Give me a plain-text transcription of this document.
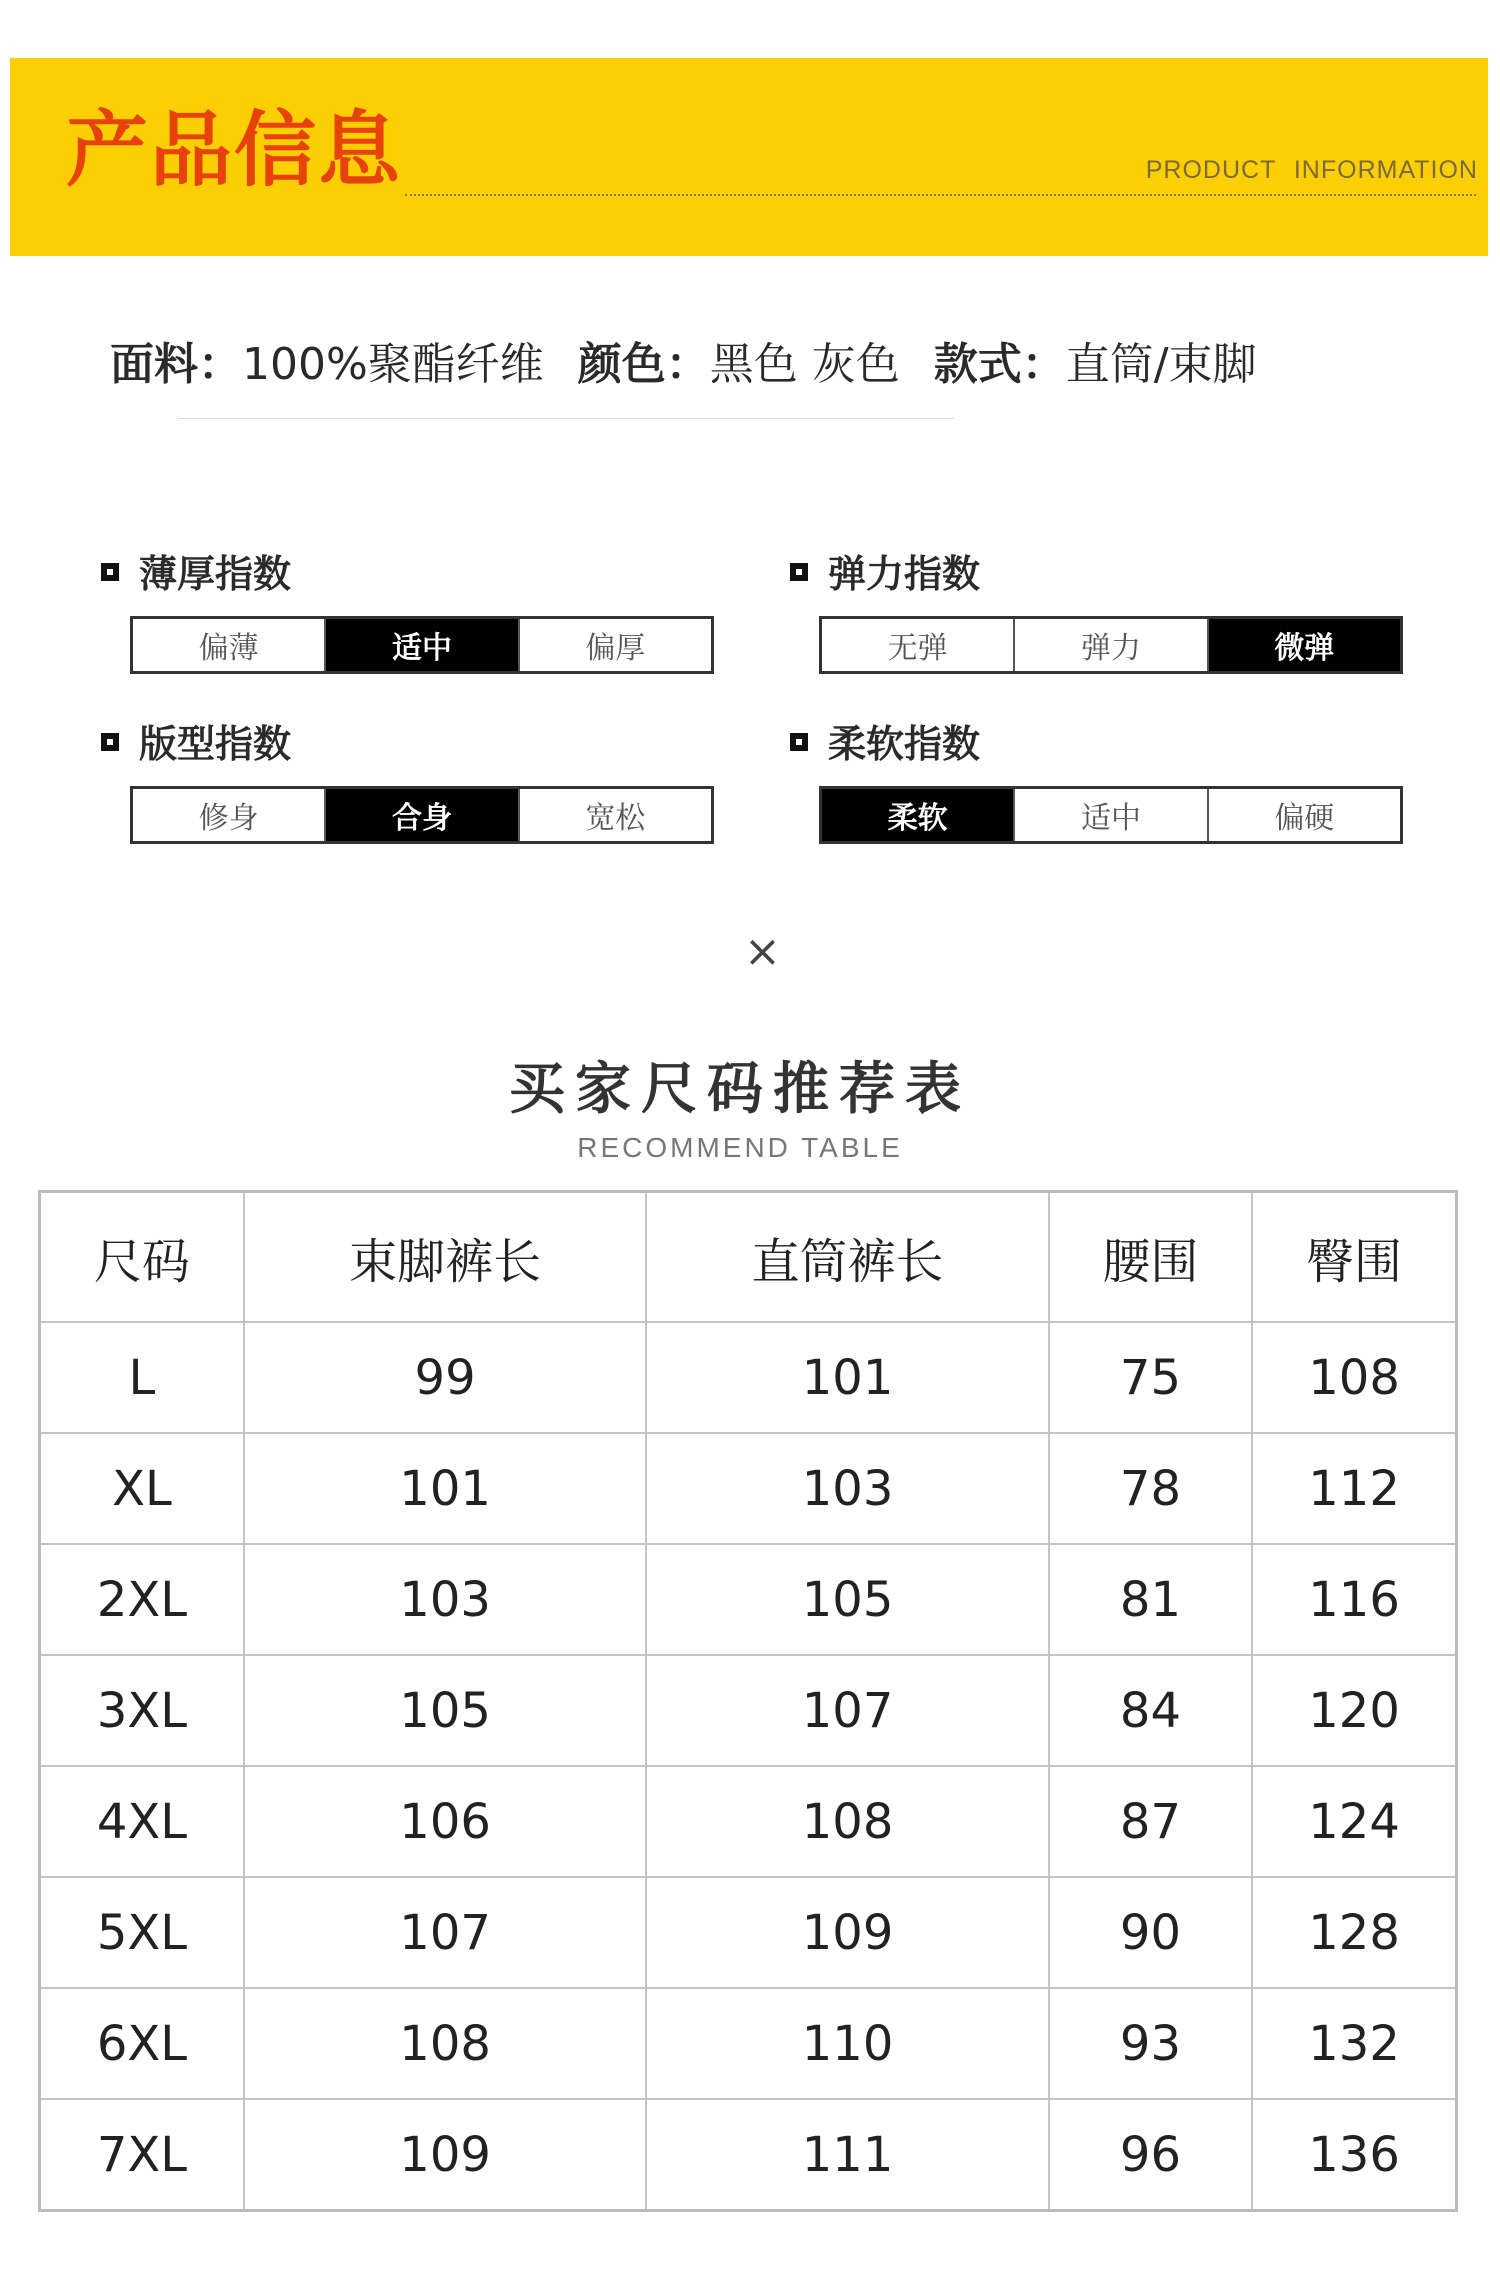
产品信息	PRODUCT INFORMATION
面料：100%聚酯纤维 颜色：黑色 灰色 款式：直筒/束脚
薄厚指数
偏薄	适中	偏厚
弹力指数
无弹	弹力	微弹
版型指数
修身	合身	宽松
柔软指数
柔软	适中	偏硬
×
买家尺码推荐表
RECOMMEND TABLE
尺码	束脚裤长	直筒裤长	腰围	臀围
L	99	101	75	108
XL	101	103	78	112
2XL	103	105	81	116
3XL	105	107	84	120
4XL	106	108	87	124
5XL	107	109	90	128
6XL	108	110	93	132
7XL	109	111	96	136
